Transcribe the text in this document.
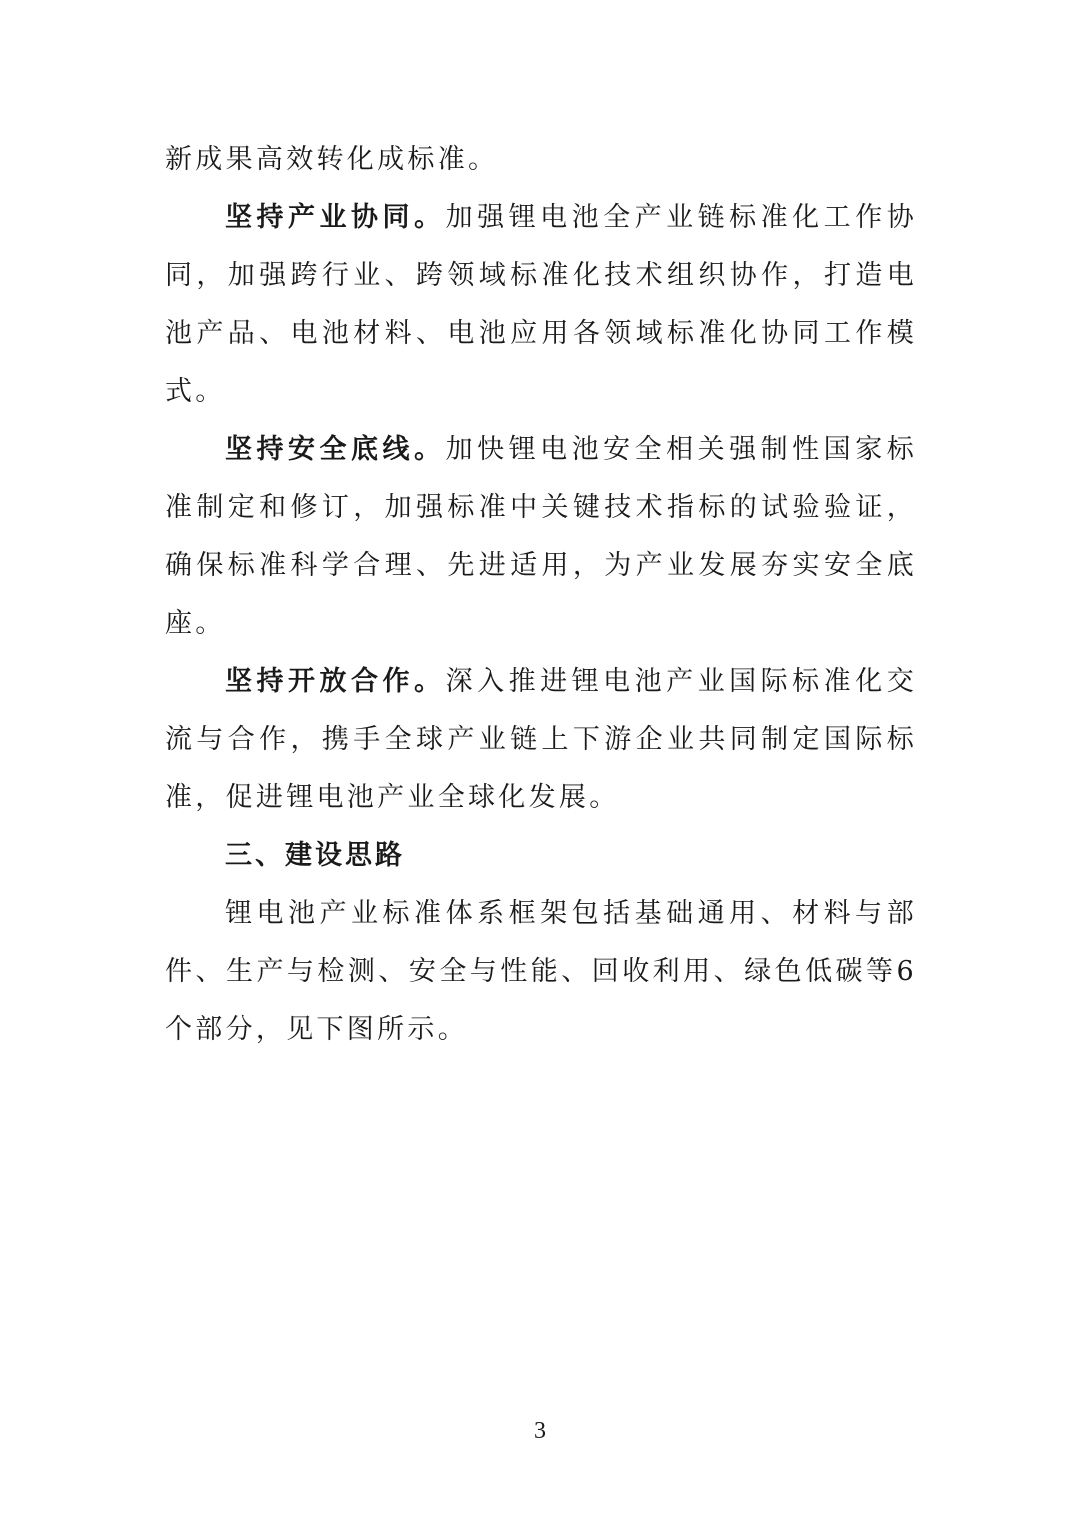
新成果高效转化成标准。

坚持产业协同。加强锂电池全产业链标准化工作协同，加强跨行业、跨领域标准化技术组织协作，打造电池产品、电池材料、电池应用各领域标准化协同工作模式。

坚持安全底线。加快锂电池安全相关强制性国家标准制定和修订，加强标准中关键技术指标的试验验证，确保标准科学合理、先进适用，为产业发展夯实安全底座。

坚持开放合作。深入推进锂电池产业国际标准化交流与合作，携手全球产业链上下游企业共同制定国际标准，促进锂电池产业全球化发展。

三、建设思路

锂电池产业标准体系框架包括基础通用、材料与部件、生产与检测、安全与性能、回收利用、绿色低碳等6个部分，见下图所示。

3
